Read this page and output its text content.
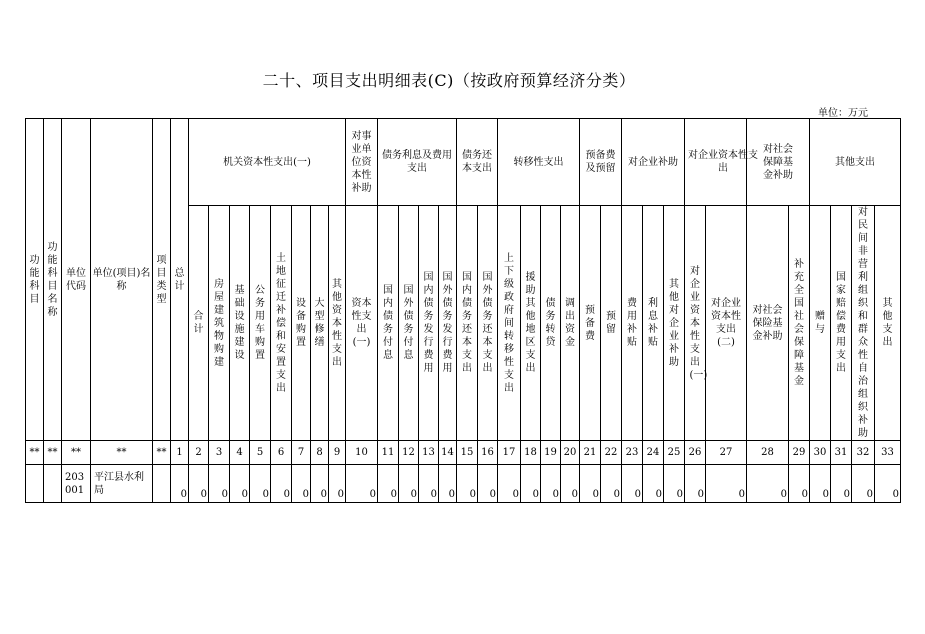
二十、项目支出明细表(C)（按政府预算经济分类）
单位：万元
功能科目	功能科目名称	单位代码	单位(项目)名称	项目类型	总计	机关资本性支出(一)								对事业单位资本性补助	债务利息及费用支出				债务还本支出		转移性支出				预备费及预留		对企业补助			对企业资本性支出		对社会保障基金补助		其他支出			

						合计	房屋建筑物购建	基础设施建设	公务用车购置	土地征迁补偿和安置支出	设备购置	大型修缮	其他资本性支出	资本性支出(一)	国内债务付息	国外债务付息	国内债务发行费用	国外债务发行费用	国内债务还本支出	国外债务还本支出	上下级政府间转移性支出	援助其他地区支出	债务转贷	调出资金	预备费	预留	费用补贴	利息补贴	其他对企业补助	对企业资本性支出(一)	对企业资本性支出(二)	对社会保险基金补助	补充全国社会保障基金	赠与	国家赔偿费用支出	对民间非营利组织和群众性自治组织补助	其他支出

**	**	**	**	**	1	2	3	4	5	6	7	8	9	10	11	12	13	14	15	16	17	18	19	20	21	22	23	24	25	26	27	28	29	30	31	32	33
		203001	平江县水利局		0	0	0	0	0	0	0	0	0	0	0	0	0	0	0	0	0	0	0	0	0	0	0	0	0	0	0	0	0	0	0	0	0
